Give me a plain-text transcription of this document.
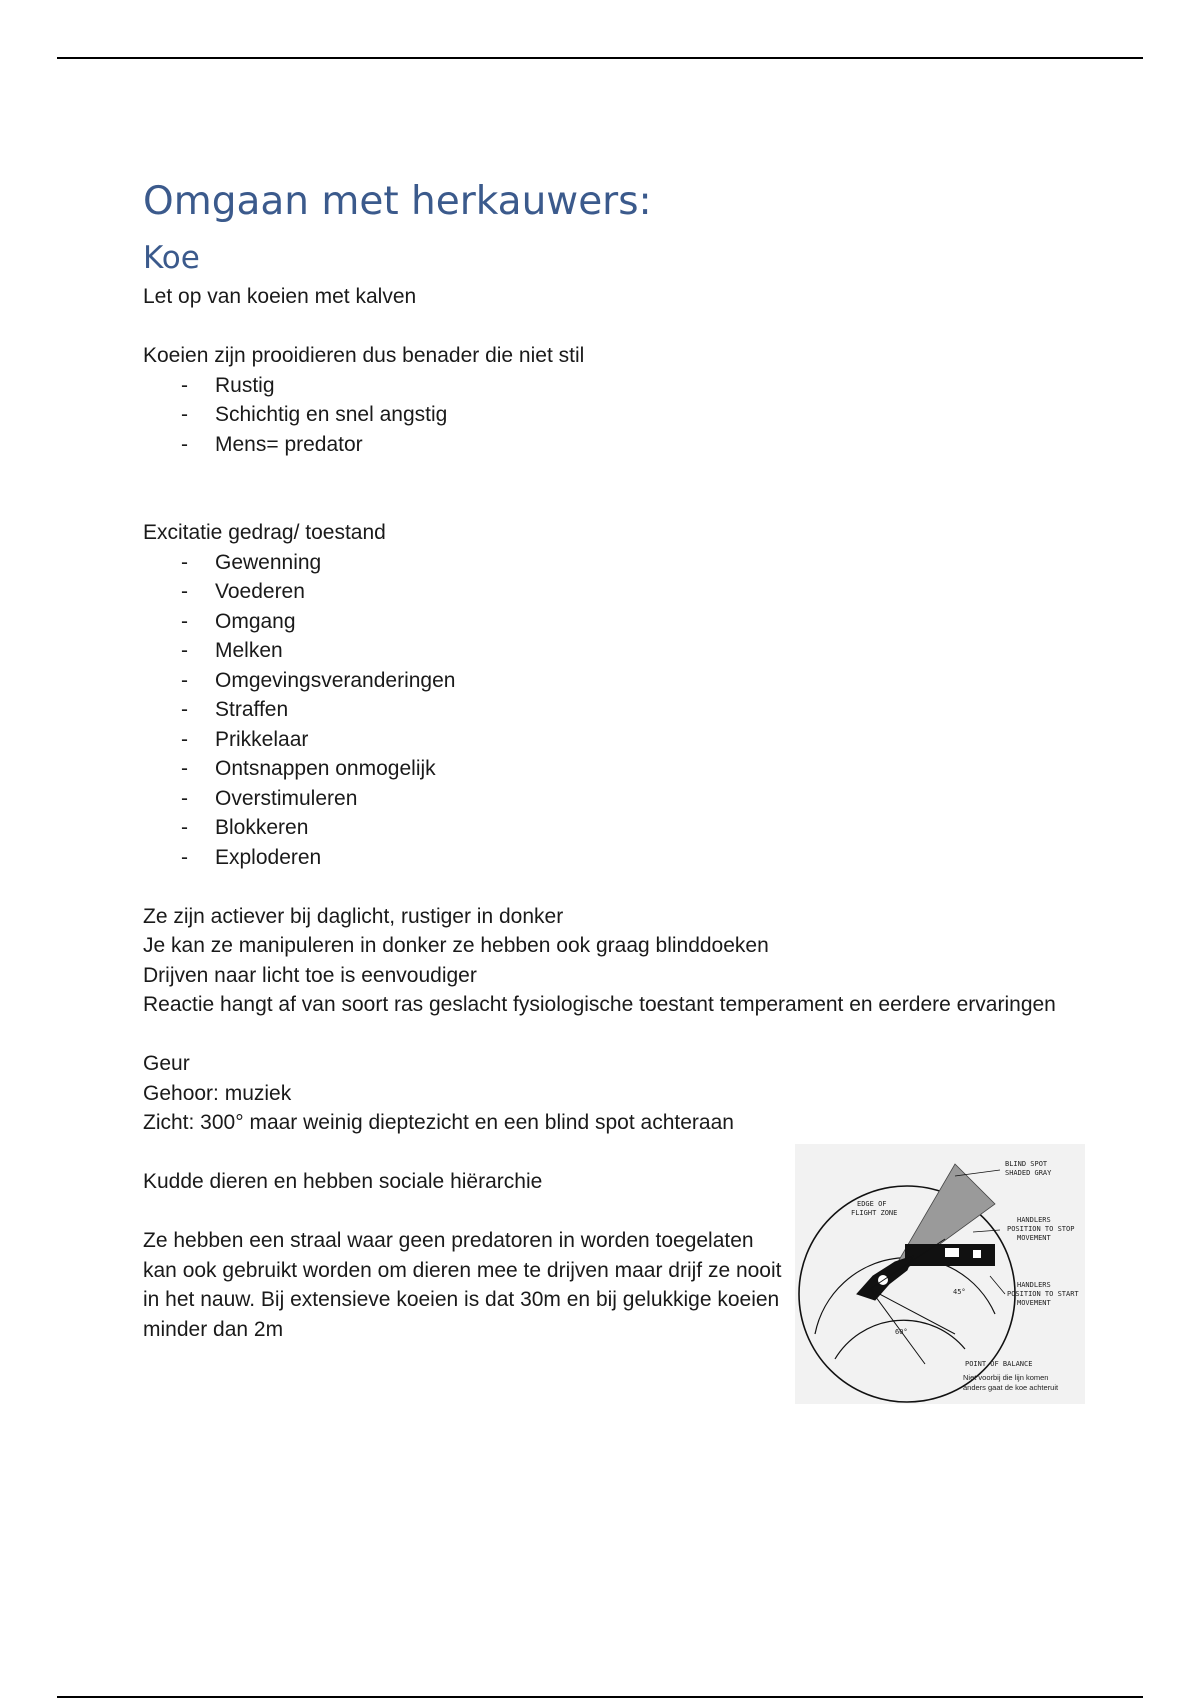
Omgaan met herkauwers:
Koe

Let op van koeien met kalven

Koeien zijn prooidieren dus benader die niet stil

- Rustig
- Schichtig en snel angstig
- Mens= predator

Excitatie gedrag/ toestand

- Gewenning
- Voederen
- Omgang
- Melken
- Omgevingsveranderingen
- Straffen
- Prikkelaar
- Ontsnappen onmogelijk
- Overstimuleren
- Blokkeren
- Exploderen

Ze zijn actiever bij daglicht, rustiger in donker

Je kan ze manipuleren in donker ze hebben ook graag blinddoeken

Drijven naar licht toe is eenvoudiger

Reactie hangt af van soort ras geslacht fysiologische toestant temperament en eerdere ervaringen

Geur

Gehoor: muziek

Zicht: 300° maar weinig dieptezicht en een blind spot achteraan

Kudde dieren en hebben sociale hiërarchie

Ze hebben een straal waar geen predatoren in worden toegelaten kan ook gebruikt worden om dieren mee te drijven maar drijf ze nooit in het nauw. Bij extensieve koeien is dat 30m en bij gelukkige koeien minder dan 2m

BLIND SPOT
SHADED GRAY
EDGE OF
FLIGHT ZONE
HANDLERS
POSITION TO STOP
MOVEMENT
HANDLERS
POSITION TO START
MOVEMENT
45°
60°
POINT OF BALANCE
Niet voorbij die lijn komen
anders gaat de koe achteruit
